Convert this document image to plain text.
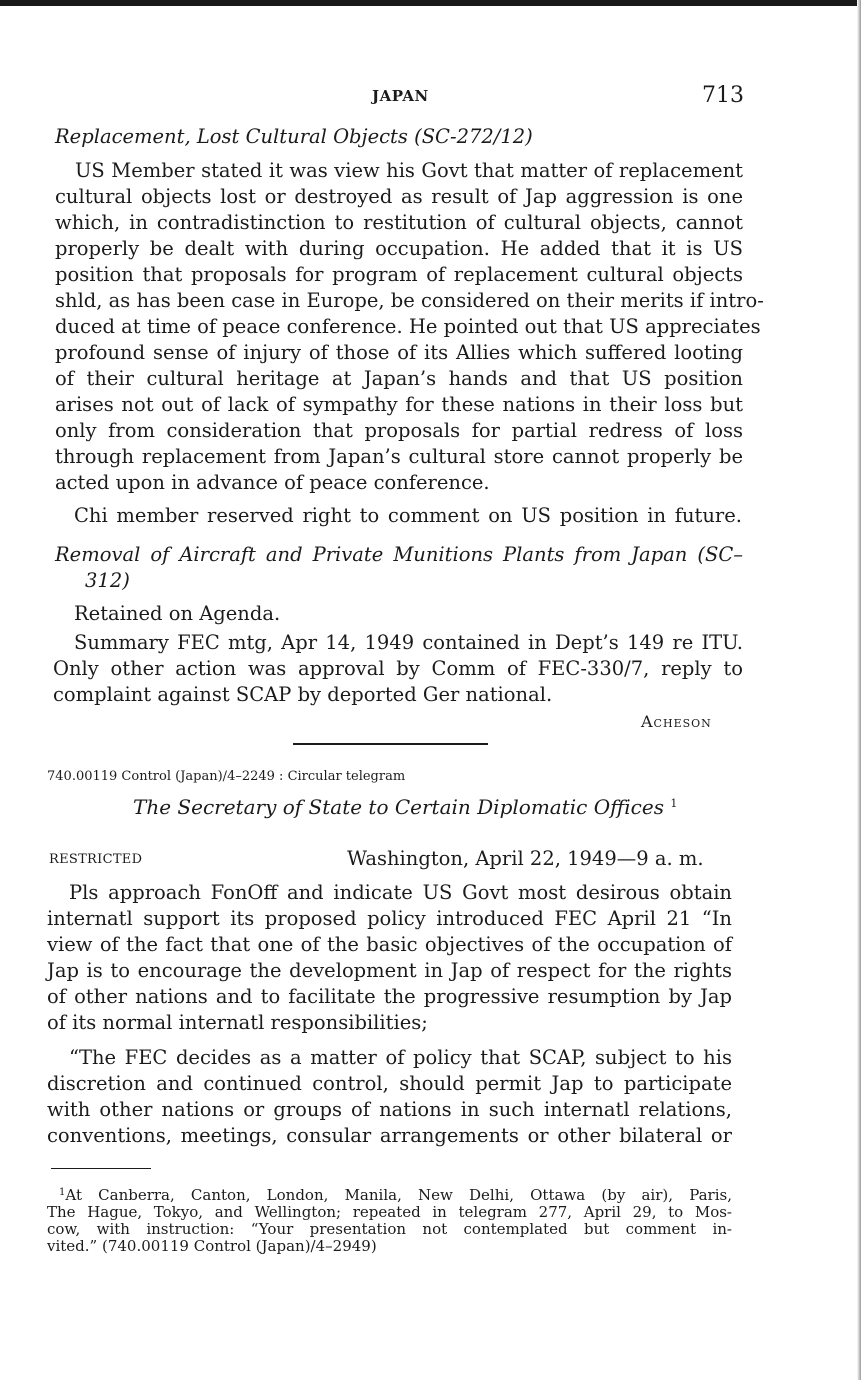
JAPAN	713
Replacement, Lost Cultural Objects (SC-272/12)
US Member stated it was view his Govt that matter of replacement
cultural objects lost or destroyed as result of Jap aggression is one
which, in contradistinction to restitution of cultural objects, cannot
properly be dealt with during occupation. He added that it is US
position that proposals for program of replacement cultural objects
shld, as has been case in Europe, be considered on their merits if intro-
duced at time of peace conference. He pointed out that US appreciates
profound sense of injury of those of its Allies which suffered looting
of their cultural heritage at Japan’s hands and that US position
arises not out of lack of sympathy for these nations in their loss but
only from consideration that proposals for partial redress of loss
through replacement from Japan’s cultural store cannot properly be
acted upon in advance of peace conference.
Chi member reserved right to comment on US position in future.
Removal of Aircraft and Private Munitions Plants from Japan (SC–
312)
Retained on Agenda.
Summary FEC mtg, Apr 14, 1949 contained in Dept’s 149 re ITU.
Only other action was approval by Comm of FEC-330/7, reply to
complaint against SCAP by deported Ger national.
Acheson
740.00119 Control (Japan)/4–2249 : Circular telegram
The Secretary of State to Certain Diplomatic Offices $^1$
RESTRICTED	Washington, April 22, 1949—9 a. m.
Pls approach FonOff and indicate US Govt most desirous obtain
internatl support its proposed policy introduced FEC April 21 “In
view of the fact that one of the basic objectives of the occupation of
Jap is to encourage the development in Jap of respect for the rights
of other nations and to facilitate the progressive resumption by Jap
of its normal internatl responsibilities;
“The FEC decides as a matter of policy that SCAP, subject to his
discretion and continued control, should permit Jap to participate
with other nations or groups of nations in such internatl relations,
conventions, meetings, consular arrangements or other bilateral or
$^1$At Canberra, Canton, London, Manila, New Delhi, Ottawa (by air), Paris,
The Hague, Tokyo, and Wellington; repeated in telegram 277, April 29, to Mos-
cow, with instruction: “Your presentation not contemplated but comment in-
vited.” (740.00119 Control (Japan)/4–2949)
